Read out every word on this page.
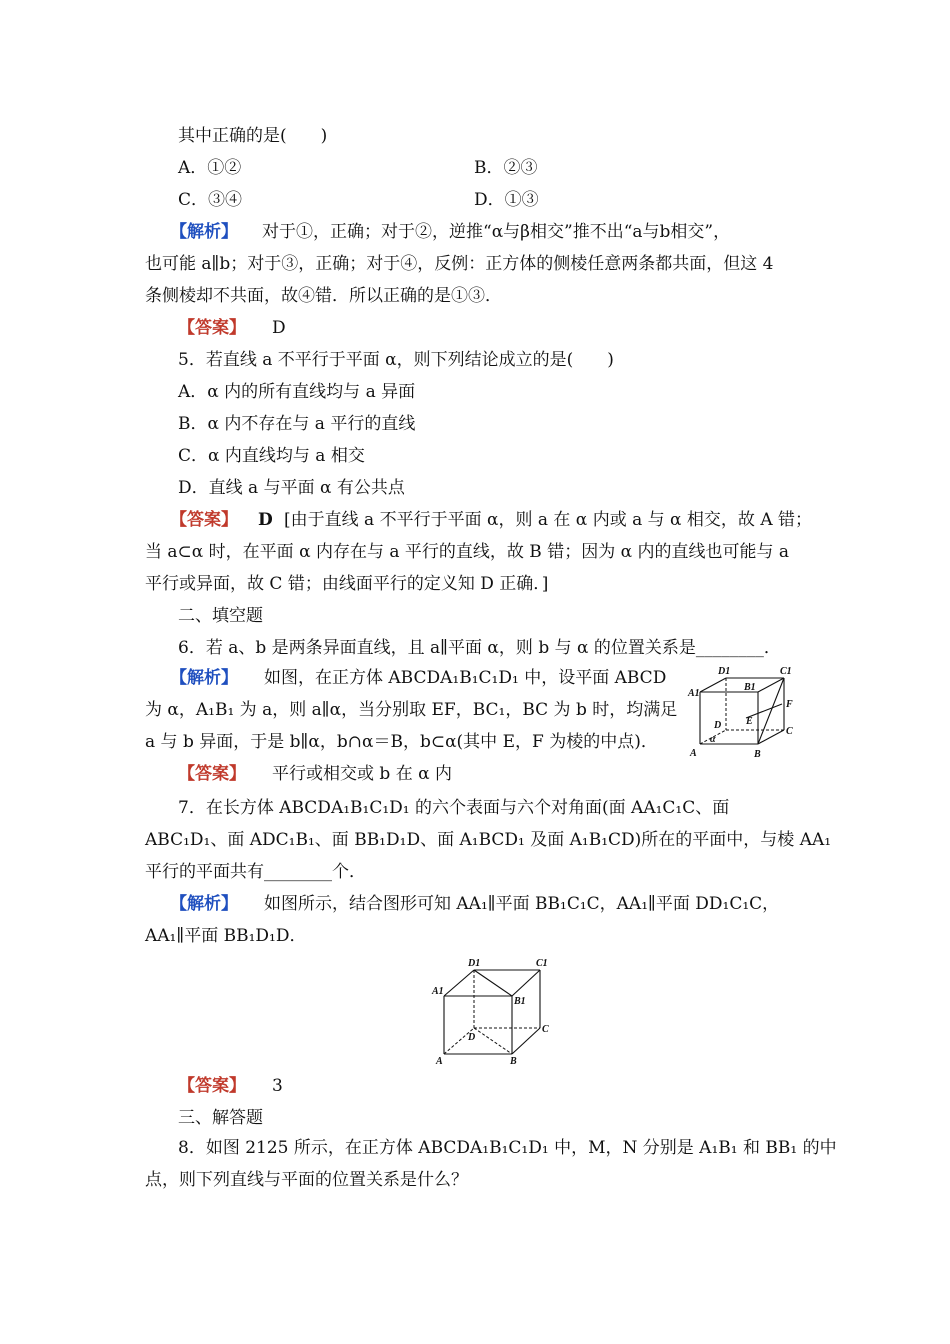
其中正确的是(　　)
A．①②	B．②③
C．③④	D．①③
【解析】 对于①，正确；对于②，逆推“α与β相交”推不出“a与b相交”，
也可能 a∥b；对于③，正确；对于④，反例：正方体的侧棱任意两条都共面，但这 4
条侧棱却不共面，故④错．所以正确的是①③．
【答案】 D
5．若直线 a 不平行于平面 α，则下列结论成立的是(　　)
A．α 内的所有直线均与 a 异面
B．α 内不存在与 a 平行的直线
C．α 内直线均与 a 相交
D．直线 a 与平面 α 有公共点
【答案】 D [由于直线 a 不平行于平面 α，则 a 在 α 内或 a 与 α 相交，故 A 错；
当 a⊂α 时，在平面 α 内存在与 a 平行的直线，故 B 错；因为 α 内的直线也可能与 a
平行或异面，故 C 错；由线面平行的定义知 D 正确．]
二、填空题
6．若 a、b 是两条异面直线，且 a∥平面 α，则 b 与 α 的位置关系是________．
【解析】 如图，在正方体 ABCDA₁B₁C₁D₁ 中，设平面 ABCD
为 α，A₁B₁ 为 a，则 a∥α，当分别取 EF，BC₁，BC 为 b 时，均满足
a 与 b 异面，于是 b∥α，b∩α＝B，b⊂α(其中 E，F 为棱的中点)．
【答案】 平行或相交或 b 在 α 内
D1	C1
A1
B1
F
D E
C
A	B
α
7．在长方体 ABCDA₁B₁C₁D₁ 的六个表面与六个对角面(面 AA₁C₁C、面
ABC₁D₁、面 ADC₁B₁、面 BB₁D₁D、面 A₁BCD₁ 及面 A₁B₁CD)所在的平面中，与棱 AA₁
平行的平面共有________个．
【解析】 如图所示，结合图形可知 AA₁∥平面 BB₁C₁C，AA₁∥平面 DD₁C₁C，
AA₁∥平面 BB₁D₁D．
D1	C1
A1
B1
D
C
A	B
【答案】 3
三、解答题
8．如图 2125 所示，在正方体 ABCDA₁B₁C₁D₁ 中，M，N 分别是 A₁B₁ 和 BB₁ 的中
点，则下列直线与平面的位置关系是什么？
